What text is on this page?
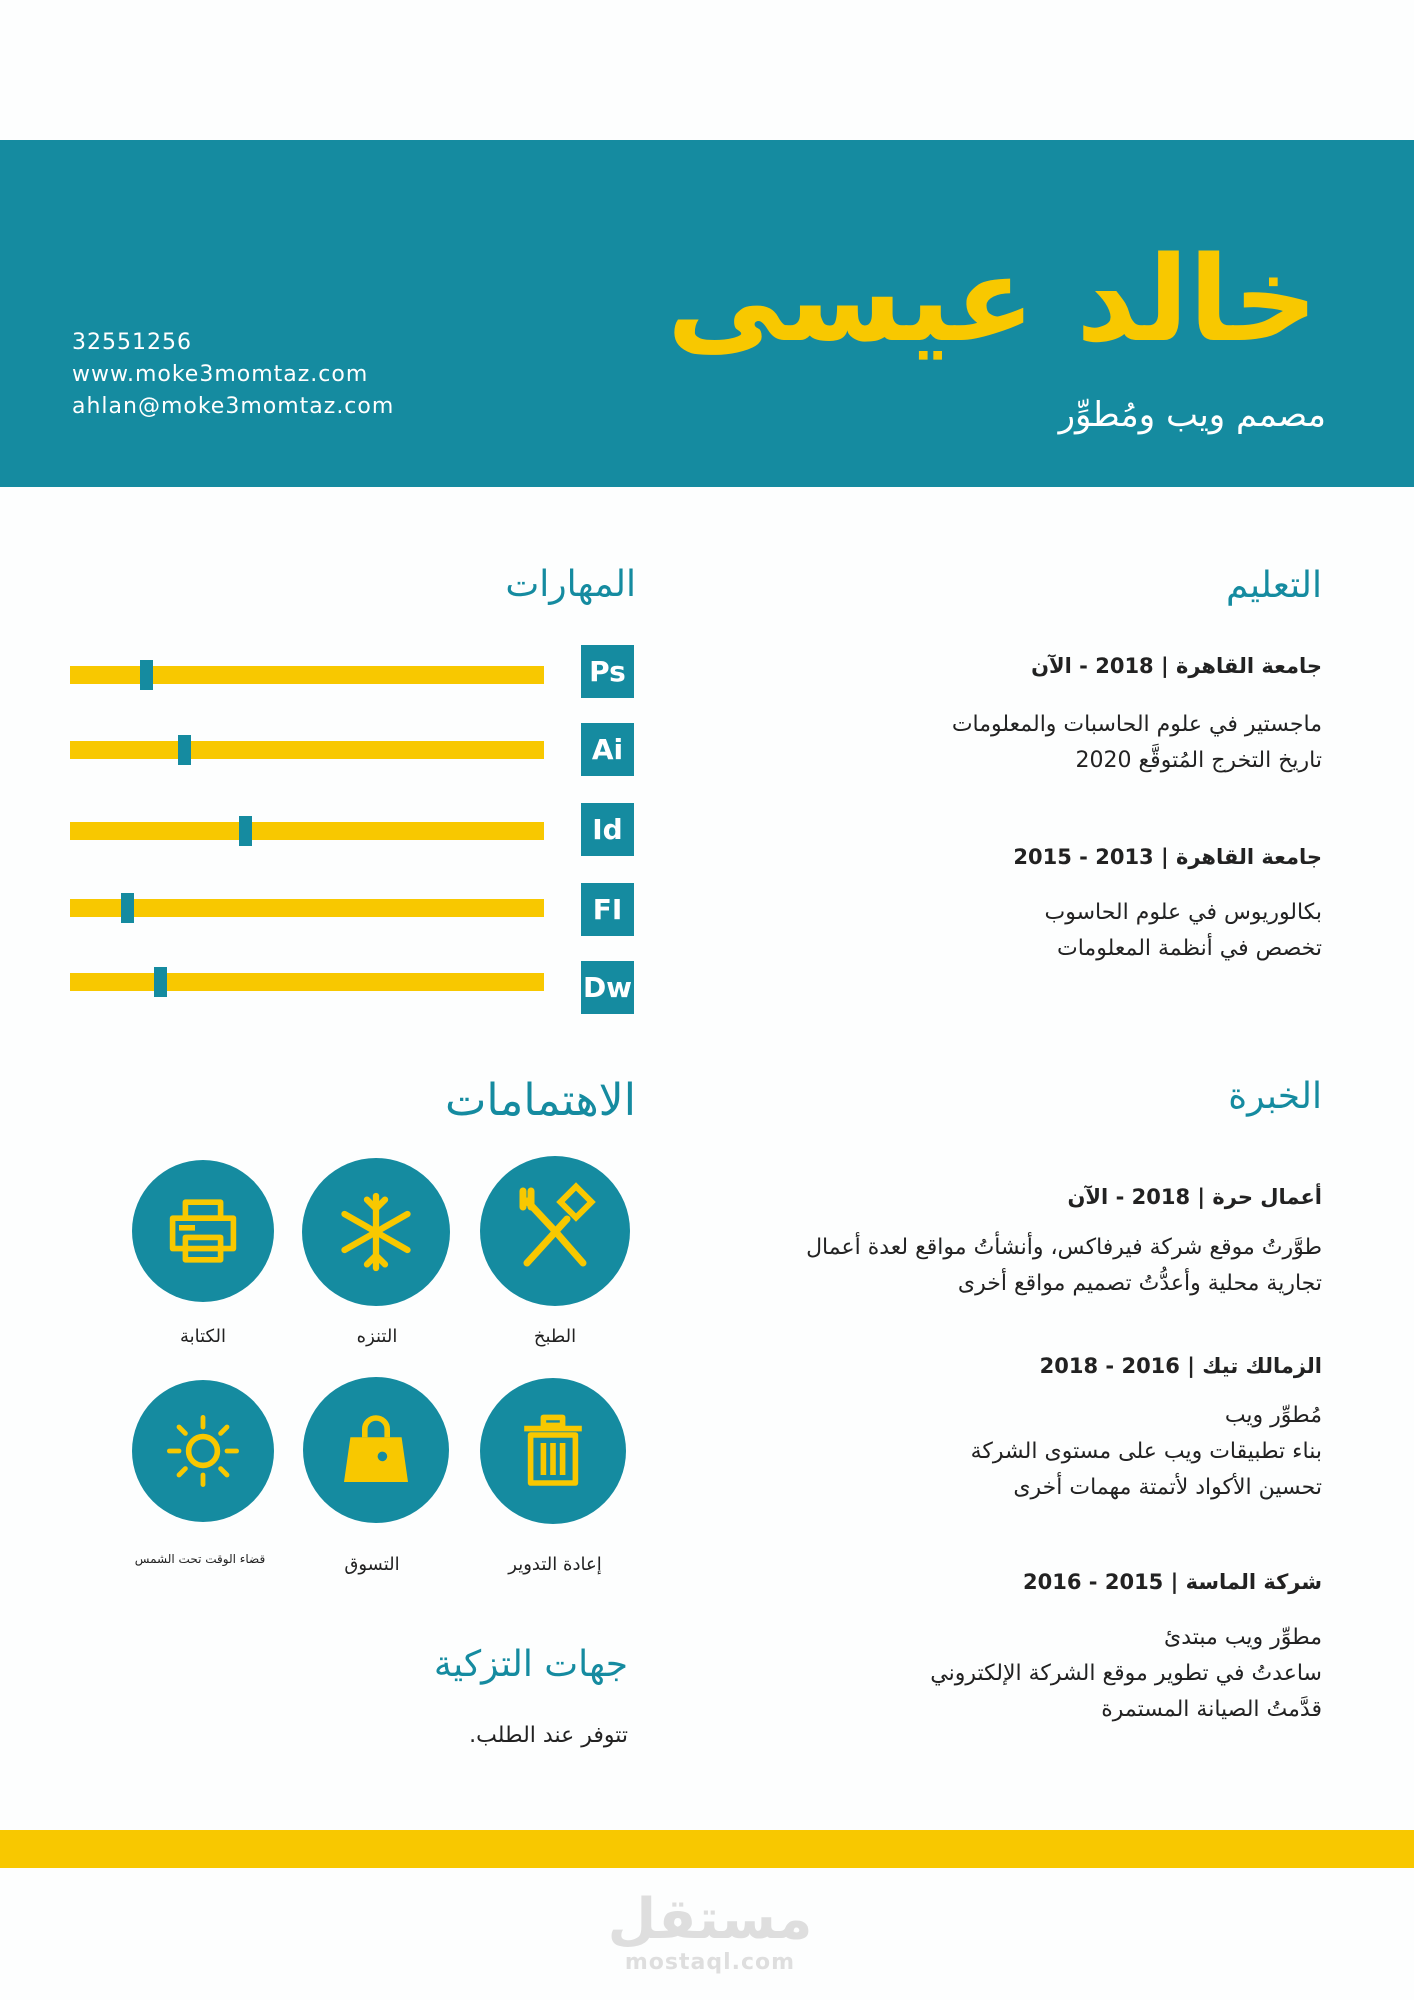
خالد عيسى
مصمم ويب ومُطوِّر
32551256
www.moke3momtaz.com
ahlan@moke3momtaz.com
التعليم
جامعة القاهرة | 2018 - الآن
ماجستير في علوم الحاسبات والمعلومات
تاريخ التخرج المُتوقَّع 2020
جامعة القاهرة | 2013 - 2015
بكالوريوس في علوم الحاسوب
تخصص في أنظمة المعلومات
الخبرة
أعمال حرة | 2018 - الآن
طوَّرتُ موقع شركة فيرفاكس، وأنشأتُ مواقع لعدة أعمال
تجارية محلية وأعدُّتُ تصميم مواقع أخرى
الزمالك تيك | 2016 - 2018
مُطوِّر ويب
بناء تطبيقات ويب على مستوى الشركة
تحسين الأكواد لأتمتة مهمات أخرى
شركة الماسة | 2015 - 2016
مطوِّر ويب مبتدئ
ساعدتُ في تطوير موقع الشركة الإلكتروني
قدَّمتُ الصيانة المستمرة
المهارات
Ps
Ai
Id
FI
Dw
الاهتمامات
الطبخ
التنزه
الكتابة
إعادة التدوير
التسوق
قضاء الوقت تحت الشمس
جهات التزكية
تتوفر عند الطلب.
مستقل
mostaql.com
